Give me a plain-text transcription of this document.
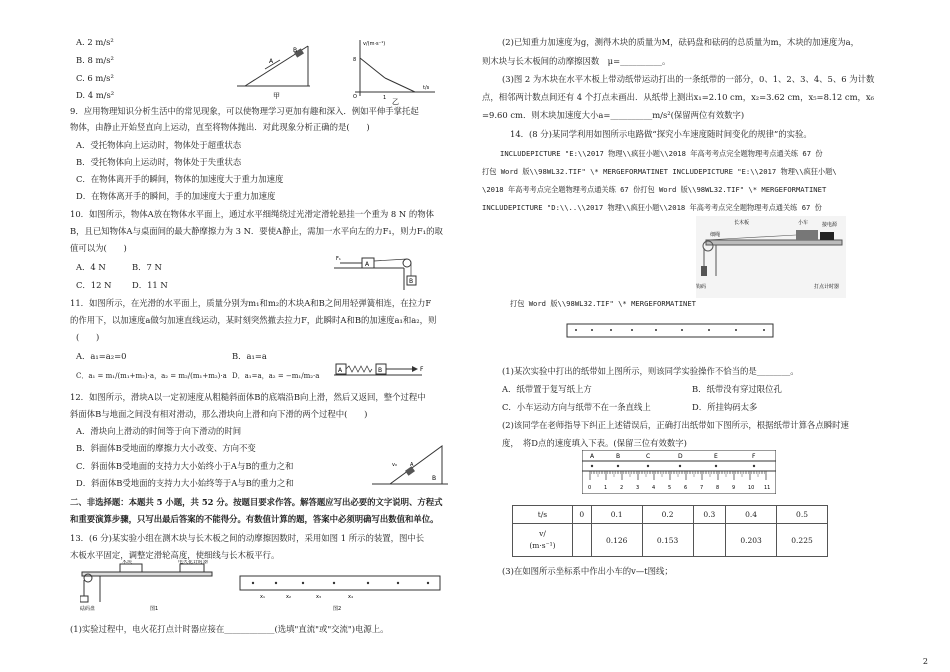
A. 2 m/s²
B. 8 m/s²
C. 6 m/s²
D. 4 m/s²
A
B
甲
v/(m·s⁻¹)
t/s
8
1
O
乙
9．应用物理知识分析生活中的常见现象，可以使物理学习更加有趣和深入．例如平伸手掌托起
物体，由静止开始竖直向上运动，直至将物体抛出．对此现象分析正确的是(　　)
A．受托物体向上运动时，物体处于超重状态
B．受托物体向上运动时，物体处于失重状态
C．在物体离开手的瞬间，物体的加速度大于重力加速度
D．在物体离开手的瞬间，手的加速度大于重力加速度
10．如图所示，物体A放在物体水平面上，通过水平细绳绕过光滑定滑轮悬挂一个重为 8 N 的物体
B，且已知物体A与桌面间的最大静摩擦力为 3 N．要使A静止，需加一水平向左的力F₁，则力F₁的取
值可以为(　　)
A．4 N	B．7 N
C．12 N D．11 N
A
F₁
B
11．如图所示，在光滑的水平面上，质量分别为m₁和m₂的木块A和B之间用轻弹簧相连，在拉力F
的作用下，以加速度a做匀加速直线运动，某时刻突然撤去拉力F，此瞬时A和B的加速度a₁和a₂，则
(　　)
A．a₁=a₂=0	B．a₁=a
C．a₁ = m₁/(m₁+m₂)·a，a₂ = m₂/(m₁+m₂)·a D．a₁=a，a₂ = −m₁/m₂·a
A	B	F
12．如图所示，滑块A以一定初速度从粗糙斜面体B的底端沿B向上滑，然后又返回，整个过程中
斜面体B与地面之间没有相对滑动，那么滑块向上滑和向下滑的两个过程中(　　)
A．滑块向上滑动的时间等于向下滑动的时间
B．斜面体B受地面的摩擦力大小改变、方向不变
C．斜面体B受地面的支持力大小始终小于A与B的重力之和
D．斜面体B受地面的支持力大小始终等于A与B的重力之和
v₀	A
B
二、非选择题：本题共 5 小题，共 52 分。按题目要求作答。解答题应写出必要的文字说明、方程式
和重要演算步骤，只写出最后答案的不能得分。有数值计算的题，答案中必须明确写出数值和单位。
13．(6 分)某实验小组在测木块与长木板之间的动摩擦因数时，采用如图 1 所示的装置，图中长
木板水平固定，调整定滑轮高度，使细线与长木板平行。
木块	电火花计时器
砝码盘	图1
x₁	x₂	x₃	x₄
图2
(1)实验过程中，电火花打点计时器应接在____________(选填"直流"或"交流")电源上。
(2)已知重力加速度为g，测得木块的质量为M，砝码盘和砝码的总质量为m，木块的加速度为a，
则木块与长木板间的动摩擦因数　μ=__________。
(3)图 2 为木块在水平木板上带动纸带运动打出的一条纸带的一部分，0、1、2、3、4、5、6 为计数
点，相邻两计数点间还有 4 个打点未画出．从纸带上测出x₁=2.10 cm，x₂=3.62 cm，x₅=8.12 cm，x₆
=9.60 cm．则木块加速度大小a=__________m/s²(保留两位有效数字)
14．(8 分)某同学利用如图所示电路做“探究小车速度随时间变化的规律”的实验。
INCLUDEPICTURE "E:\\2017 物理\\疯狂小题\\2018 年高考考点完全题物理考点通关练 67 份
打包 Word 版\\98WL32.TIF" \* MERGEFORMATINET INCLUDEPICTURE "E:\\2017 物理\\疯狂小题\
\2018 年高考考点完全题物理考点通关练 67 份打包 Word 版\\98WL32.TIF" \* MERGEFORMATINET
INCLUDEPICTURE "D:\\..\\2017 物理\\疯狂小题\\2018 年高考考点完全题物理考点通关练 67 份
长木板	小车
细绳
接电源
钩码	打点计时器
打包 Word 版\\98WL32.TIF" \* MERGEFORMATINET
(1)某次实验中打出的纸带如上图所示，则该同学实验操作不恰当的是________。
A．纸带置于复写纸上方	B．纸带没有穿过限位孔
C．小车运动方向与纸带不在一条直线上	D．所挂钩码太多
(2)该同学在老师指导下纠正上述错误后，正确打出纸带如下图所示，根据纸带计算各点瞬时速
度，　将D点的速度填入下表。(保留三位有效数字)
0	1	2	3	4	5	6	7	8	9	10 11
A	B	C	D	E	F
t/s	0	0.1	0.2	0.3	0.4	0.5
v/
(m·s⁻¹)		0.126	0.153		0.203	0.225
(3)在如图所示坐标系中作出小车的v—t图线；
2
